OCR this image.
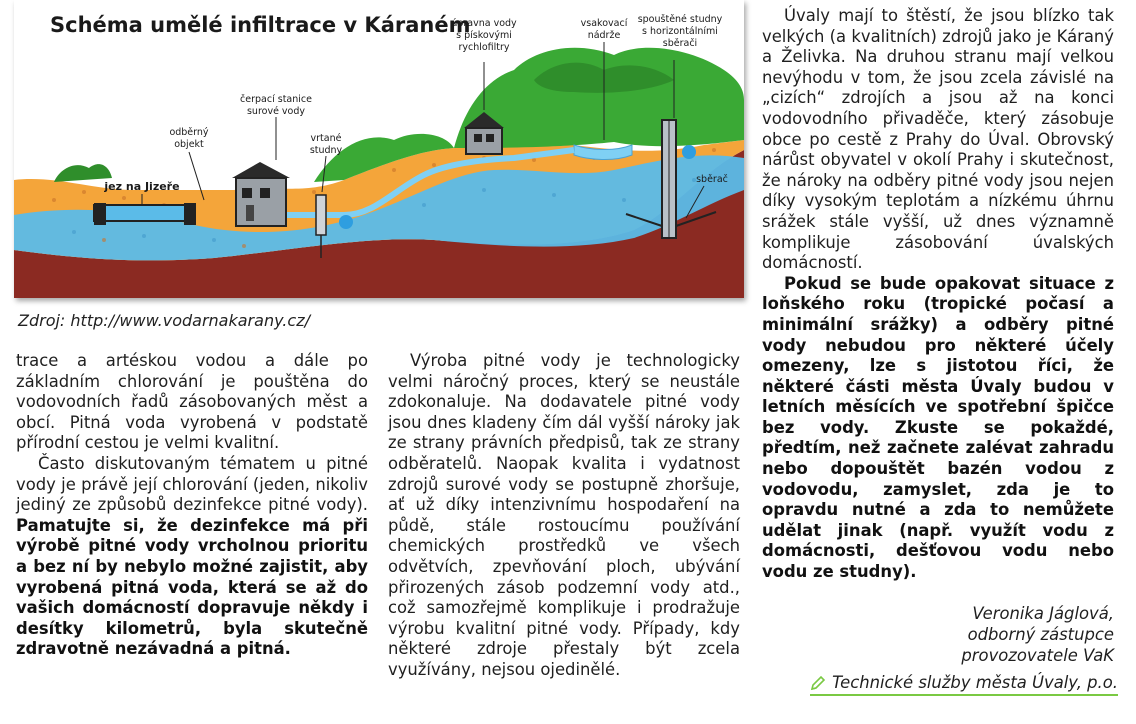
Schéma umělé infiltrace v Káraném
jez na Jizeře
odběrný
objekt
čerpací stanice
surové vody
vrtané
studny
úpravna vody
s pískovými
rychlofiltry
vsakovací
nádrže
spouštěné studny
s horizontálními
sběrači
sběrač
Zdroj: http://www.vodarnakarany.cz/

trace a artéskou vodou a dále po základním chlorování je pouštěna do vodovodních řadů zásobovaných měst a obcí. Pitná voda vyrobená v podstatě přírodní cestou je velmi kvalitní.

Často diskutovaným tématem u pitné vody je právě její chlorování (jeden, nikoliv jediný ze způsobů dezinfekce pitné vody). Pamatujte si, že dezinfekce má při výrobě pitné vody vrcholnou prioritu a bez ní by nebylo možné zajistit, aby vyrobená pitná voda, která se až do vašich domácností dopravuje někdy i desítky kilometrů, byla skutečně zdravotně nezávadná a pitná.

Výroba pitné vody je technologicky velmi náročný proces, který se neustále zdokonaluje. Na dodavatele pitné vody jsou dnes kladeny čím dál vyšší nároky jak ze strany právních předpisů, tak ze strany odběratelů. Naopak kvalita i vydatnost zdrojů surové vody se postupně zhoršuje, ať už díky intenzivnímu hospodaření na půdě, stále rostoucímu používání chemických prostředků ve všech odvětvích, zpevňování ploch, ubývání přirozených zásob podzemní vody atd., což samozřejmě komplikuje i prodražuje výrobu kvalitní pitné vody. Případy, kdy některé zdroje přestaly být zcela využívány, nejsou ojedinělé.

Úvaly mají to štěstí, že jsou blízko tak velkých (a kvalitních) zdrojů jako je Káraný a Želivka. Na druhou stranu mají velkou nevýhodu v tom, že jsou zcela závislé na „cizích“ zdrojích a jsou až na konci vodovodního přivaděče, který zásobuje obce po cestě z Prahy do Úval. Obrovský nárůst obyvatel v okolí Prahy i skutečnost, že nároky na odběry pitné vody jsou nejen díky vysokým teplotám a nízkému úhrnu srážek stále vyšší, už dnes významně komplikuje zásobování úvalských domácností.

Pokud se bude opakovat situace z loňského roku (tropické počasí a minimální srážky) a odběry pitné vody nebudou pro některé účely omezeny, lze s jistotou říci, že některé části města Úvaly budou v letních měsících ve spotřební špičce bez vody. Zkuste se pokaždé, předtím, než začnete zalévat zahradu nebo dopouštět bazén vodou z vodovodu, zamyslet, zda je to opravdu nutné a zda to nemůžete udělat jinak (např. využít vodu z domácnosti, dešťovou vodu nebo vodu ze studny).

Veronika Jáglová,
odborný zástupce
provozovatele VaK
Technické služby města Úvaly, p.o.
